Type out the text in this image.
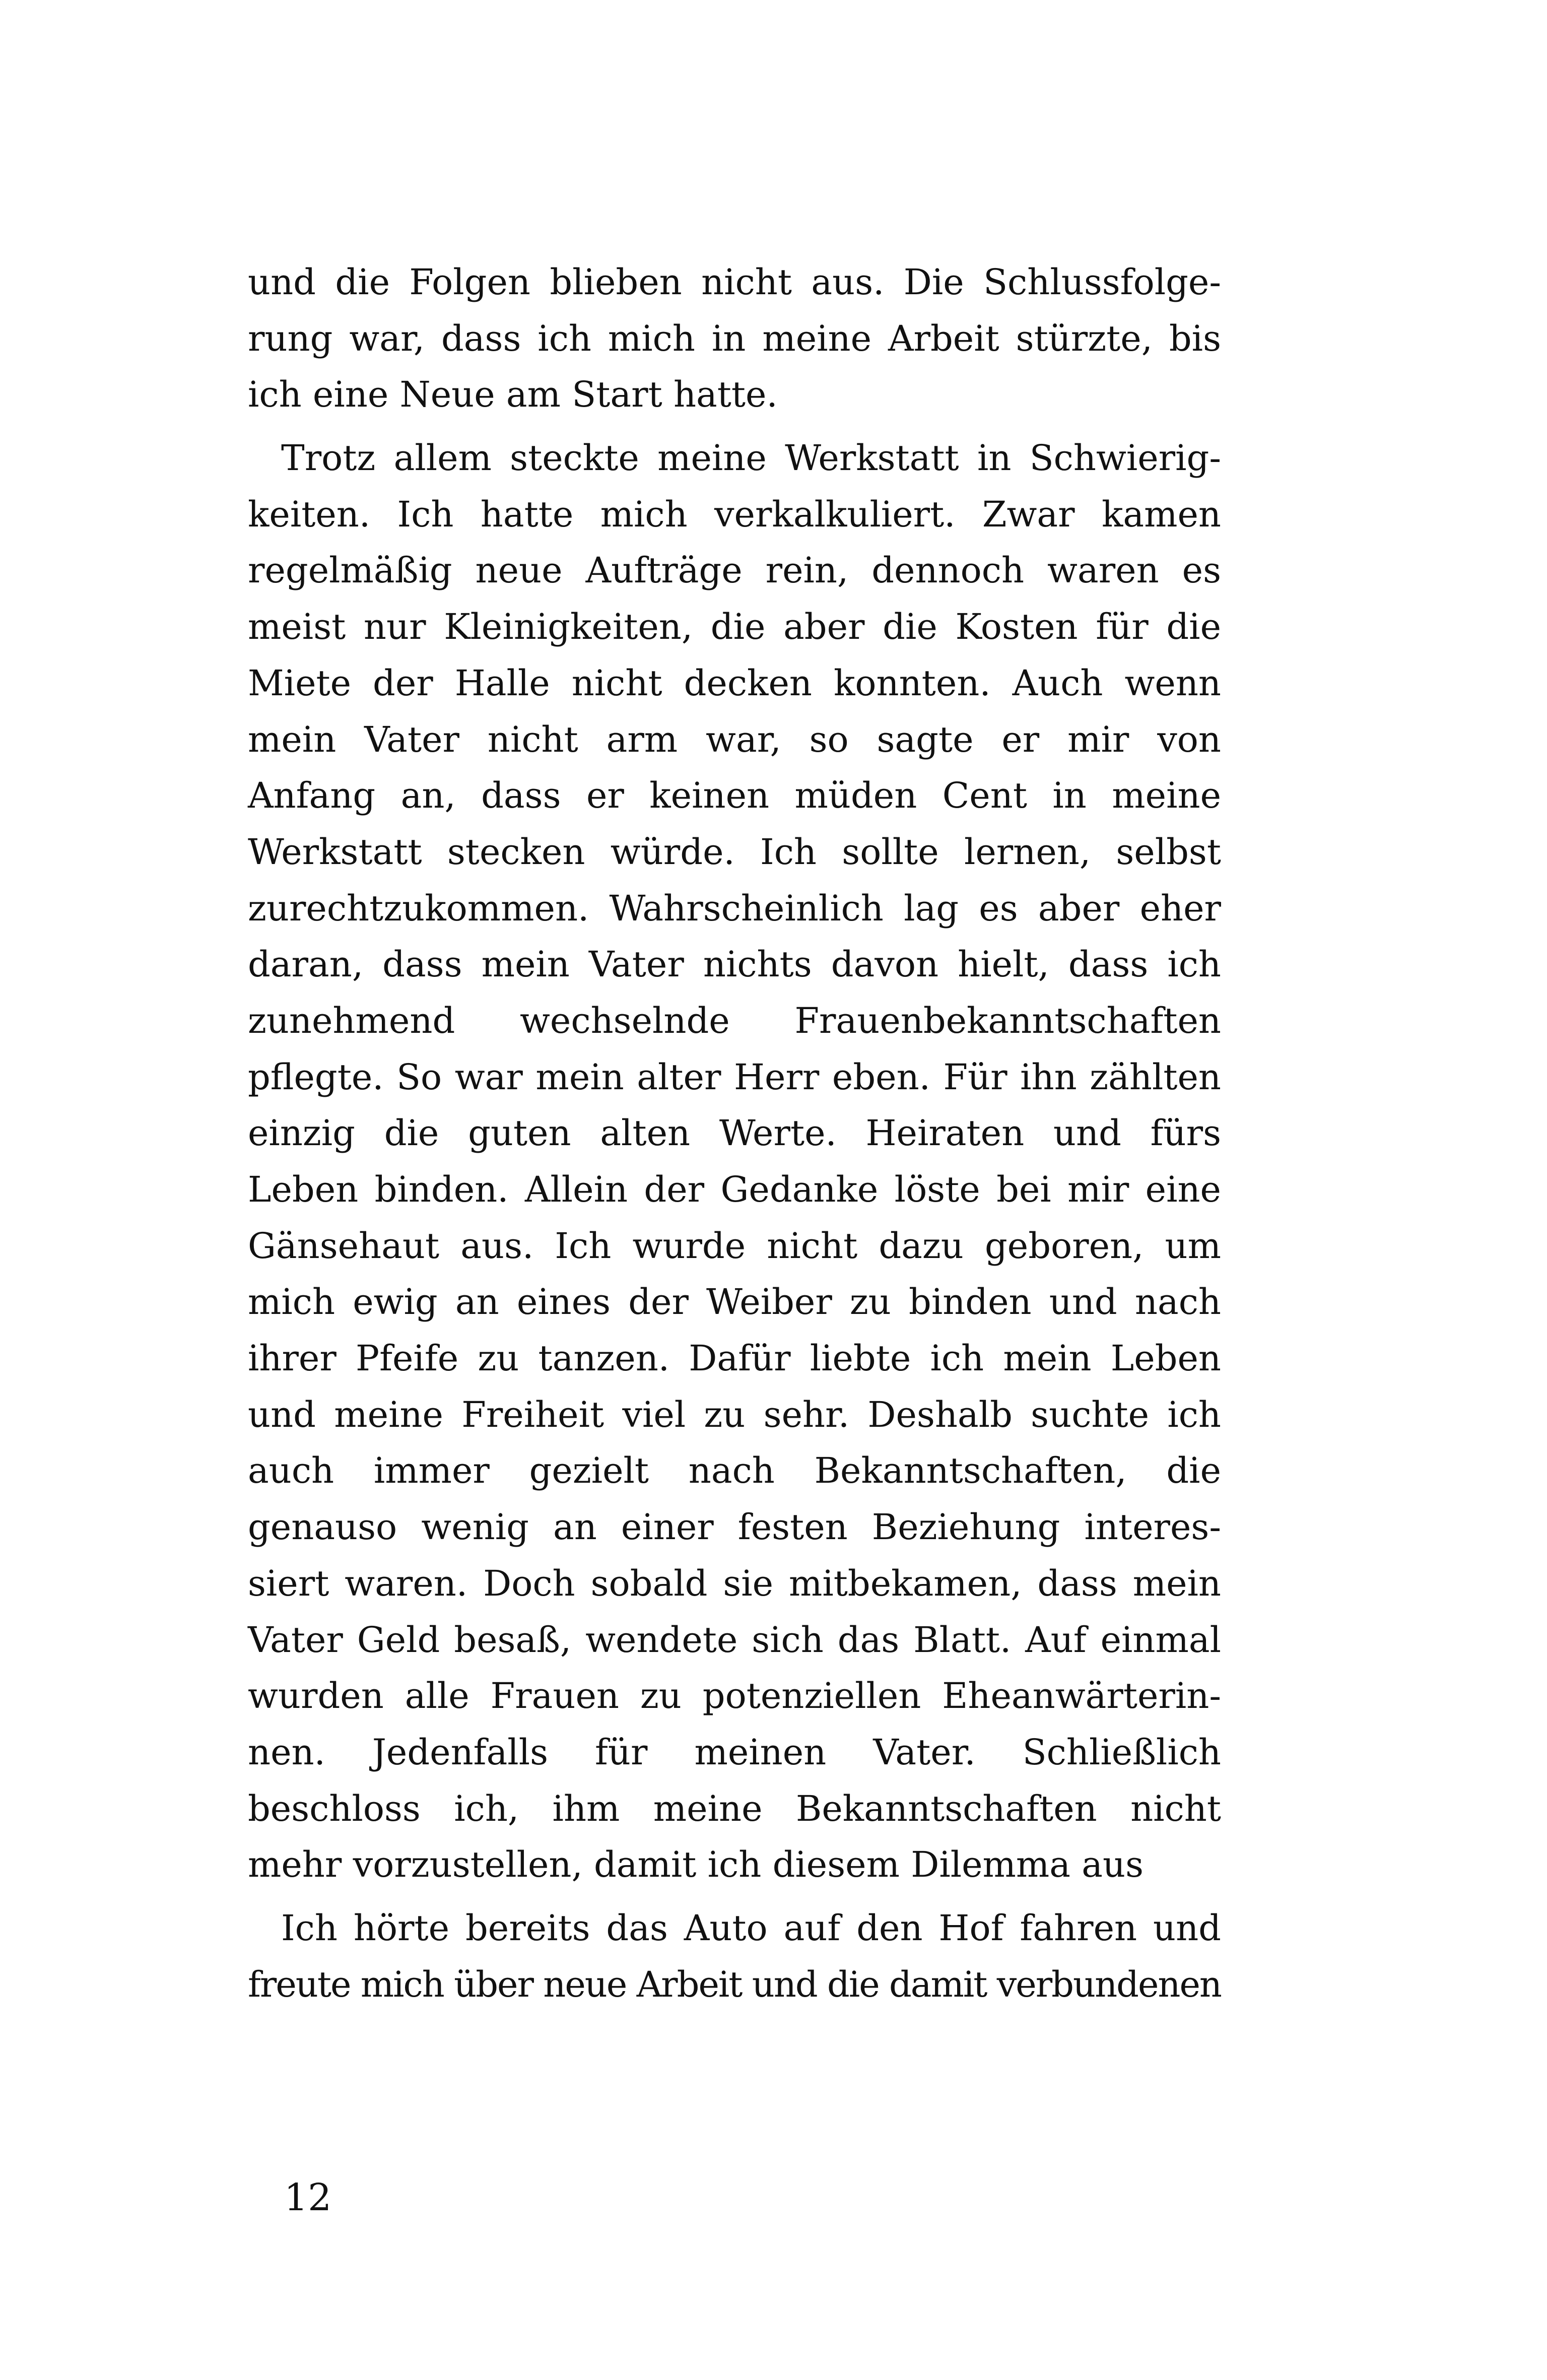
und die Folgen blieben nicht aus. Die Schlussfolge-
rung war, dass ich mich in meine Arbeit stürzte, bis
ich eine Neue am Start hatte.
Trotz allem steckte meine Werkstatt in Schwierig-
keiten. Ich hatte mich verkalkuliert. Zwar kamen
regelmäßig neue Aufträge rein, dennoch waren es
meist nur Kleinigkeiten, die aber die Kosten für die
Miete der Halle nicht decken konnten. Auch wenn
mein Vater nicht arm war, so sagte er mir von
Anfang an, dass er keinen müden Cent in meine
Werkstatt stecken würde. Ich sollte lernen, selbst
zurechtzukommen. Wahrscheinlich lag es aber eher
daran, dass mein Vater nichts davon hielt, dass ich
zunehmend wechselnde Frauenbekanntschaften
pflegte. So war mein alter Herr eben. Für ihn zählten
einzig die guten alten Werte. Heiraten und fürs
Leben binden. Allein der Gedanke löste bei mir eine
Gänsehaut aus. Ich wurde nicht dazu geboren, um
mich ewig an eines der Weiber zu binden und nach
ihrer Pfeife zu tanzen. Dafür liebte ich mein Leben
und meine Freiheit viel zu sehr. Deshalb suchte ich
auch immer gezielt nach Bekanntschaften, die
genauso wenig an einer festen Beziehung interes-
siert waren. Doch sobald sie mitbekamen, dass mein
Vater Geld besaß, wendete sich das Blatt. Auf einmal
wurden alle Frauen zu potenziellen Eheanwärterin-
nen. Jedenfalls für meinen Vater. Schließlich
beschloss ich, ihm meine Bekanntschaften nicht
mehr vorzustellen, damit ich diesem Dilemma aus
Ich hörte bereits das Auto auf den Hof fahren und
freute mich über neue Arbeit und die damit verbundenen
12
